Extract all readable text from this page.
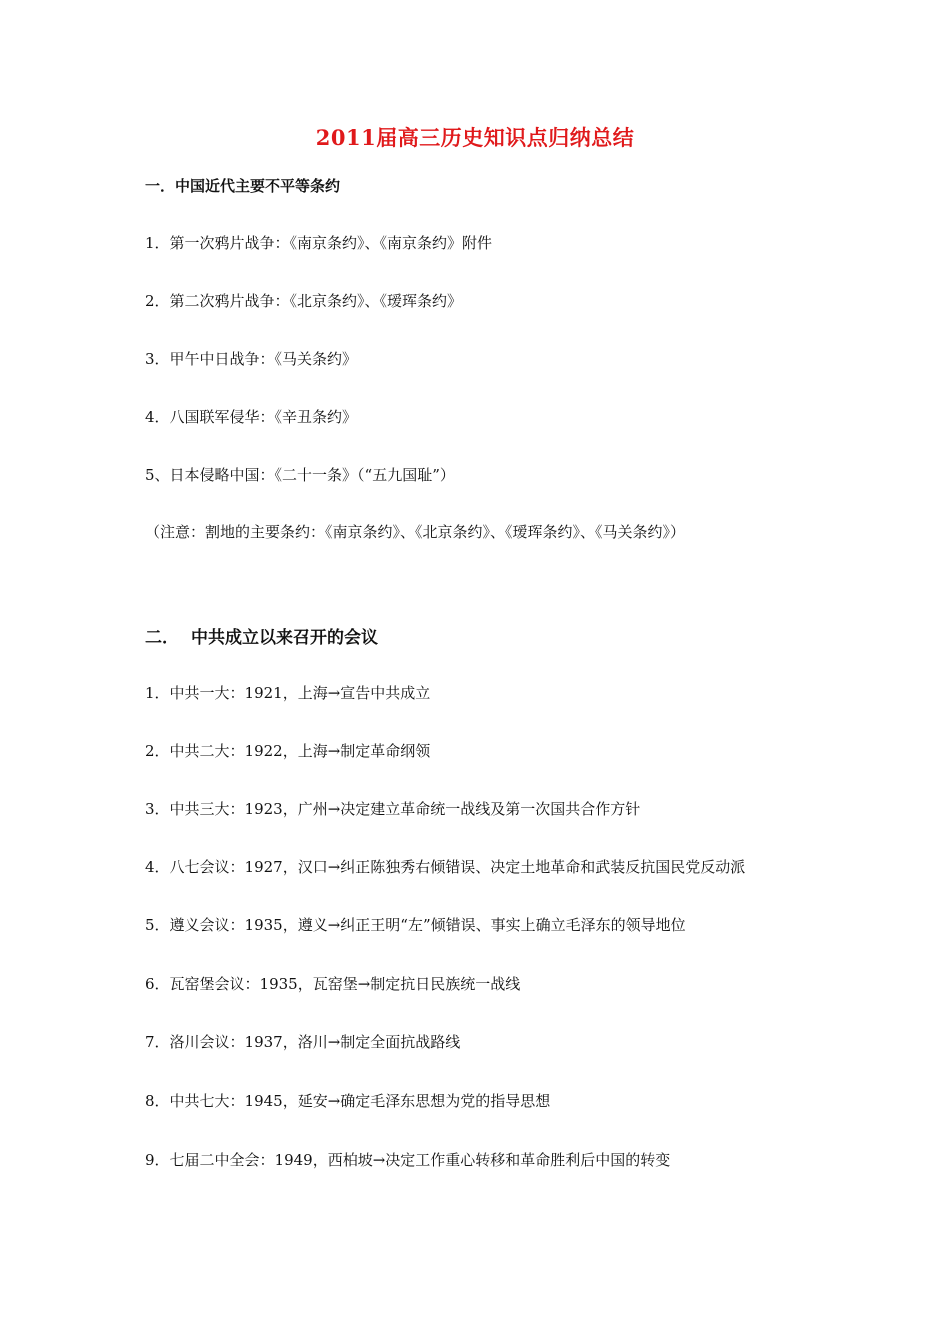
2011届高三历史知识点归纳总结
一．中国近代主要不平等条约
1．第一次鸦片战争：《南京条约》、《南京条约》附件
2．第二次鸦片战争：《北京条约》、《瑷珲条约》
3．甲午中日战争：《马关条约》
4．八国联军侵华：《辛丑条约》
5、日本侵略中国：《二十一条》（“五九国耻”）
（注意：割地的主要条约：《南京条约》、《北京条约》、《瑷珲条约》、《马关条约》）
二． 中共成立以来召开的会议
1．中共一大：1921，上海→宣告中共成立
2．中共二大：1922，上海→制定革命纲领
3．中共三大：1923，广州→决定建立革命统一战线及第一次国共合作方针
4．八七会议：1927，汉口→纠正陈独秀右倾错误、决定土地革命和武装反抗国民党反动派
5．遵义会议：1935，遵义→纠正王明“左”倾错误、事实上确立毛泽东的领导地位
6．瓦窑堡会议：1935，瓦窑堡→制定抗日民族统一战线
7．洛川会议：1937，洛川→制定全面抗战路线
8．中共七大：1945，延安→确定毛泽东思想为党的指导思想
9．七届二中全会：1949，西柏坡→决定工作重心转移和革命胜利后中国的转变
